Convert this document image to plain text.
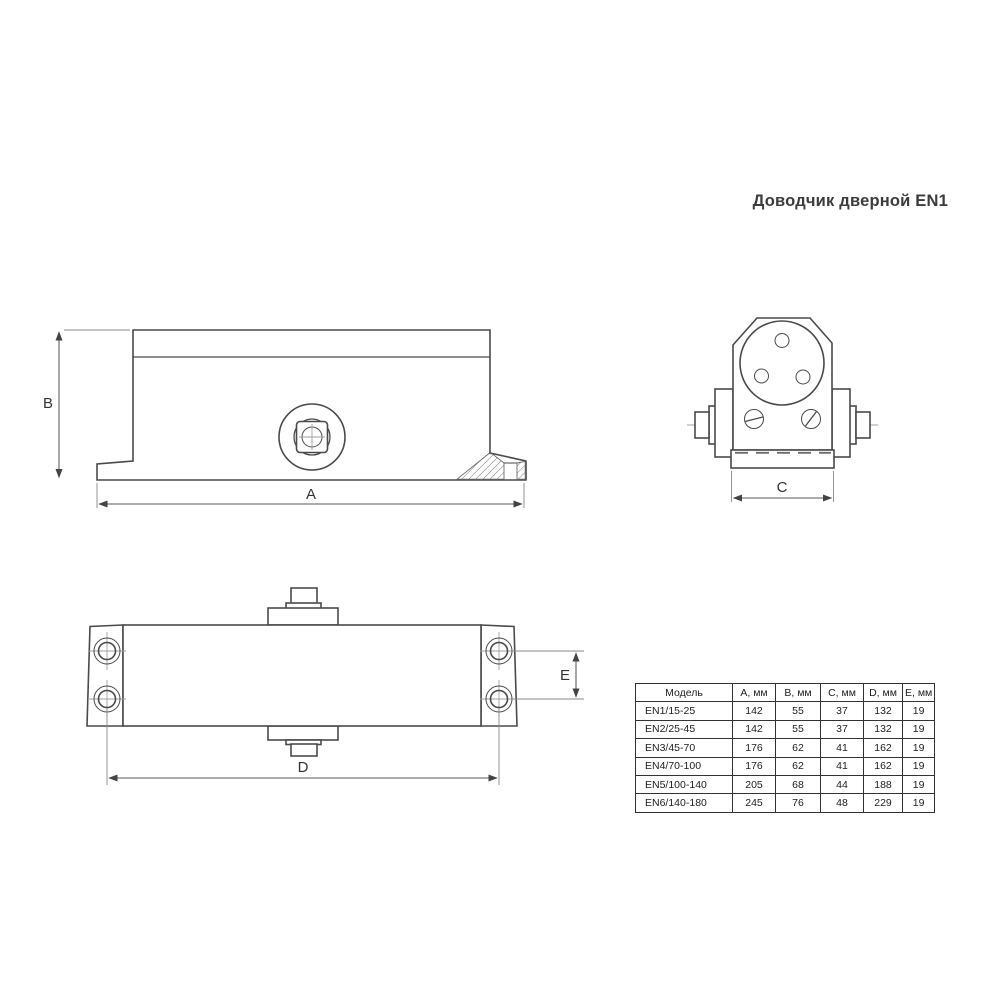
Доводчик дверной EN1
B
A	C
D
E
Модель	A, мм	B, мм	C, мм	D, мм	E, мм
EN1/15-25	142	55	37	132	19
EN2/25-45	142	55	37	132	19
EN3/45-70	176	62	41	162	19
EN4/70-100	176	62	41	162	19
EN5/100-140	205	68	44	188	19
EN6/140-180	245	76	48	229	19
